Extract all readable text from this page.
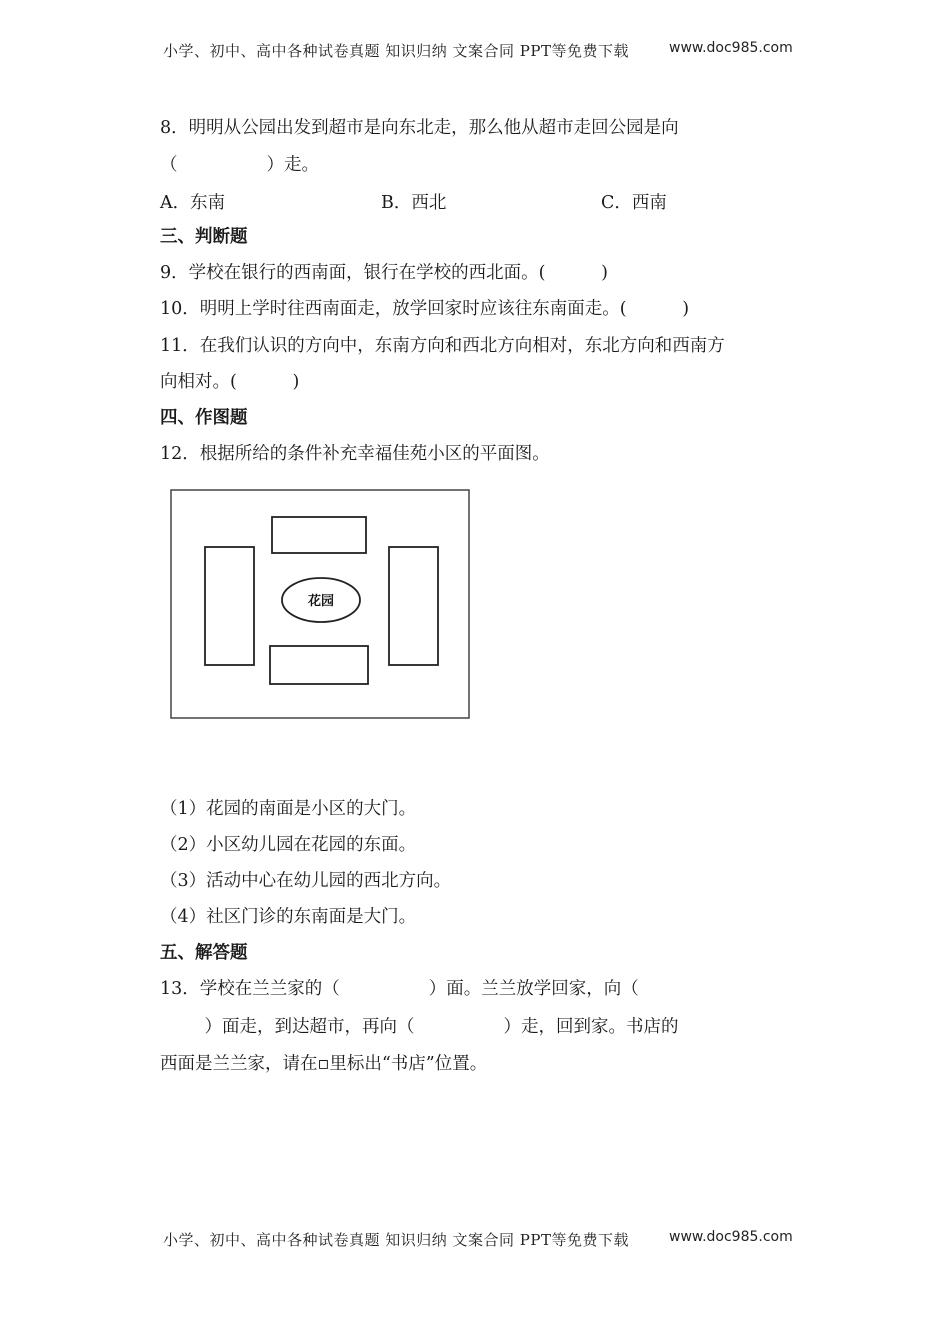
小学、初中、高中各种试卷真题 知识归纳 文案合同 PPT等免费下载	www.doc985.com
8．明明从公园出发到超市是向东北走，那么他从超市走回公园是向
（                ）走。
A．东南	B．西北	C．西南
三、判断题
9．学校在银行的西南面，银行在学校的西北面。(          )
10．明明上学时往西南面走，放学回家时应该往东南面走。(          )
11．在我们认识的方向中，东南方向和西北方向相对，东北方向和西南方
向相对。(          )
四、作图题
12．根据所给的条件补充幸福佳苑小区的平面图。
花园
（1）花园的南面是小区的大门。
（2）小区幼儿园在花园的东面。
（3）活动中心在幼儿园的西北方向。
（4）社区门诊的东南面是大门。
五、解答题
13．学校在兰兰家的（                ）面。兰兰放学回家，向（
）面走，到达超市，再向（                ）走，回到家。书店的
西面是兰兰家，请在▫里标出“书店”位置。
小学、初中、高中各种试卷真题 知识归纳 文案合同 PPT等免费下载	www.doc985.com
